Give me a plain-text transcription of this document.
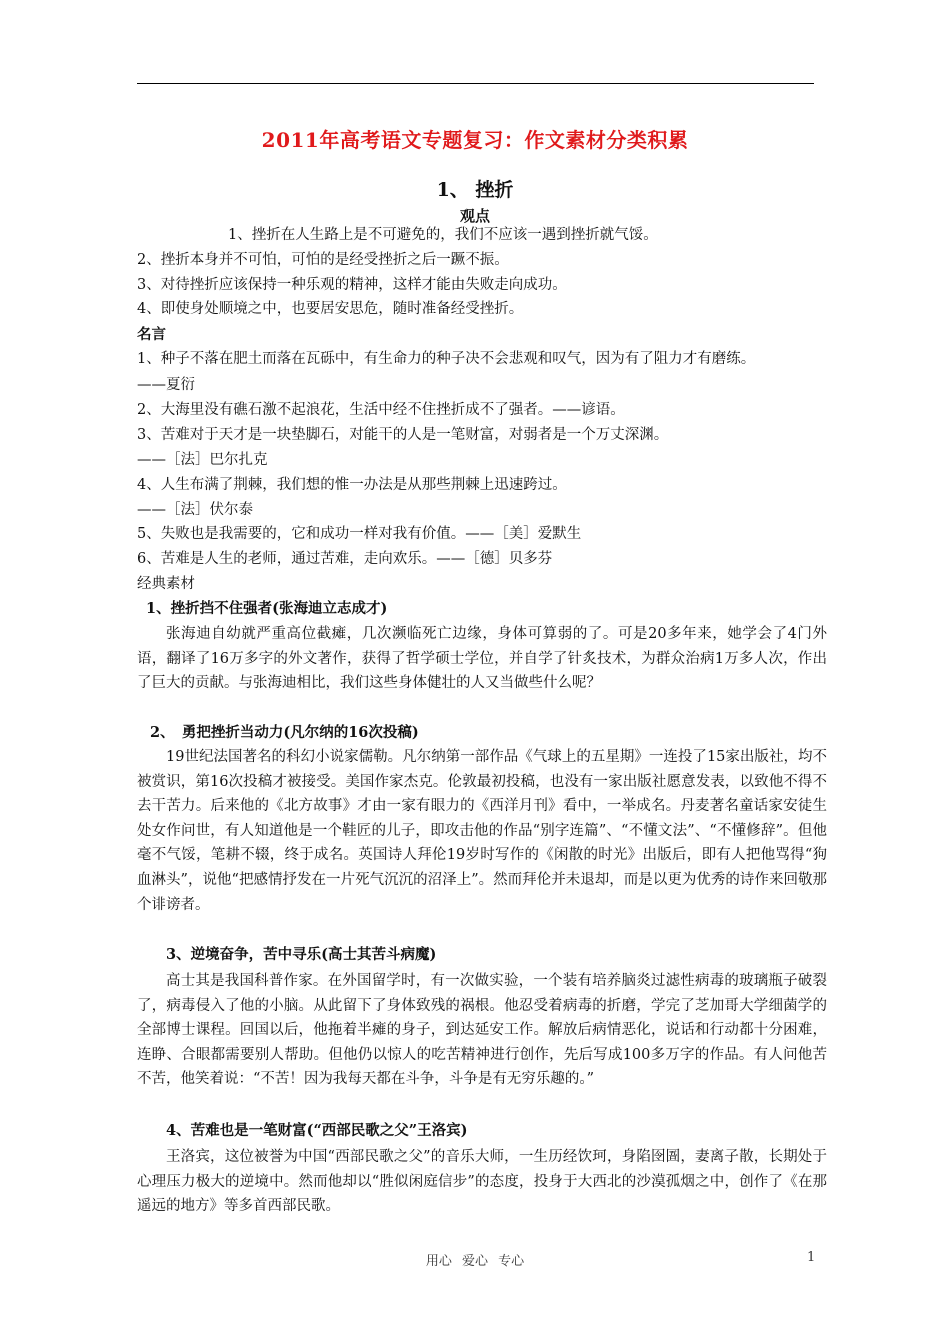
2011年高考语文专题复习：作文素材分类积累
1、 挫折
观点
1、挫折在人生路上是不可避免的，我们不应该一遇到挫折就气馁。
2、挫折本身并不可怕，可怕的是经受挫折之后一蹶不振。
3、对待挫折应该保持一种乐观的精神，这样才能由失败走向成功。
4、即使身处顺境之中，也要居安思危，随时准备经受挫折。
名言
1、种子不落在肥土而落在瓦砾中，有生命力的种子决不会悲观和叹气，因为有了阻力才有磨练。
——夏衍
2、大海里没有礁石激不起浪花，生活中经不住挫折成不了强者。——谚语。
3、苦难对于天才是一块垫脚石，对能干的人是一笔财富，对弱者是一个万丈深渊。
——［法］巴尔扎克
4、人生布满了荆棘，我们想的惟一办法是从那些荆棘上迅速跨过。
——［法］伏尔泰
5、失败也是我需要的，它和成功一样对我有价值。——［美］爱默生
6、苦难是人生的老师，通过苦难，走向欢乐。——［德］贝多芬
经典素材
1、挫折挡不住强者(张海迪立志成才)
张海迪自幼就严重高位截瘫，几次濒临死亡边缘，身体可算弱的了。可是20多年来，她学会了4门外语，翻译了16万多字的外文著作，获得了哲学硕士学位，并自学了针炙技术，为群众治病1万多人次，作出了巨大的贡献。与张海迪相比，我们这些身体健壮的人又当做些什么呢？
2、　勇把挫折当动力(凡尔纳的16次投稿)
19世纪法国著名的科幻小说家儒勒。凡尔纳第一部作品《气球上的五星期》一连投了15家出版社，均不被赏识，第16次投稿才被接受。美国作家杰克。伦敦最初投稿，也没有一家出版社愿意发表，以致他不得不去干苦力。后来他的《北方故事》才由一家有眼力的《西洋月刊》看中，一举成名。丹麦著名童话家安徒生处女作问世，有人知道他是一个鞋匠的儿子，即攻击他的作品“别字连篇”、“不懂文法”、“不懂修辞”。但他毫不气馁，笔耕不辍，终于成名。英国诗人拜伦19岁时写作的《闲散的时光》出版后，即有人把他骂得“狗血淋头”，说他“把感情抒发在一片死气沉沉的沼泽上”。然而拜伦并未退却，而是以更为优秀的诗作来回敬那个诽谤者。
3、逆境奋争，苦中寻乐(高士其苦斗病魔)
高士其是我国科普作家。在外国留学时，有一次做实验，一个装有培养脑炎过滤性病毒的玻璃瓶子破裂了，病毒侵入了他的小脑。从此留下了身体致残的祸根。他忍受着病毒的折磨，学完了芝加哥大学细菌学的全部博士课程。回国以后，他拖着半瘫的身子，到达延安工作。解放后病情恶化，说话和行动都十分困难，连睁、合眼都需要别人帮助。但他仍以惊人的吃苦精神进行创作，先后写成100多万字的作品。有人问他苦不苦，他笑着说：“不苦！因为我每天都在斗争，斗争是有无穷乐趣的。”
4、苦难也是一笔财富(“西部民歌之父”王洛宾)
王洛宾，这位被誉为中国“西部民歌之父”的音乐大师，一生历经饮珂，身陷囹圄，妻离子散，长期处于心理压力极大的逆境中。然而他却以“胜似闲庭信步”的态度，投身于大西北的沙漠孤烟之中，创作了《在那遥远的地方》等多首西部民歌。
用心 爱心 专心	1
